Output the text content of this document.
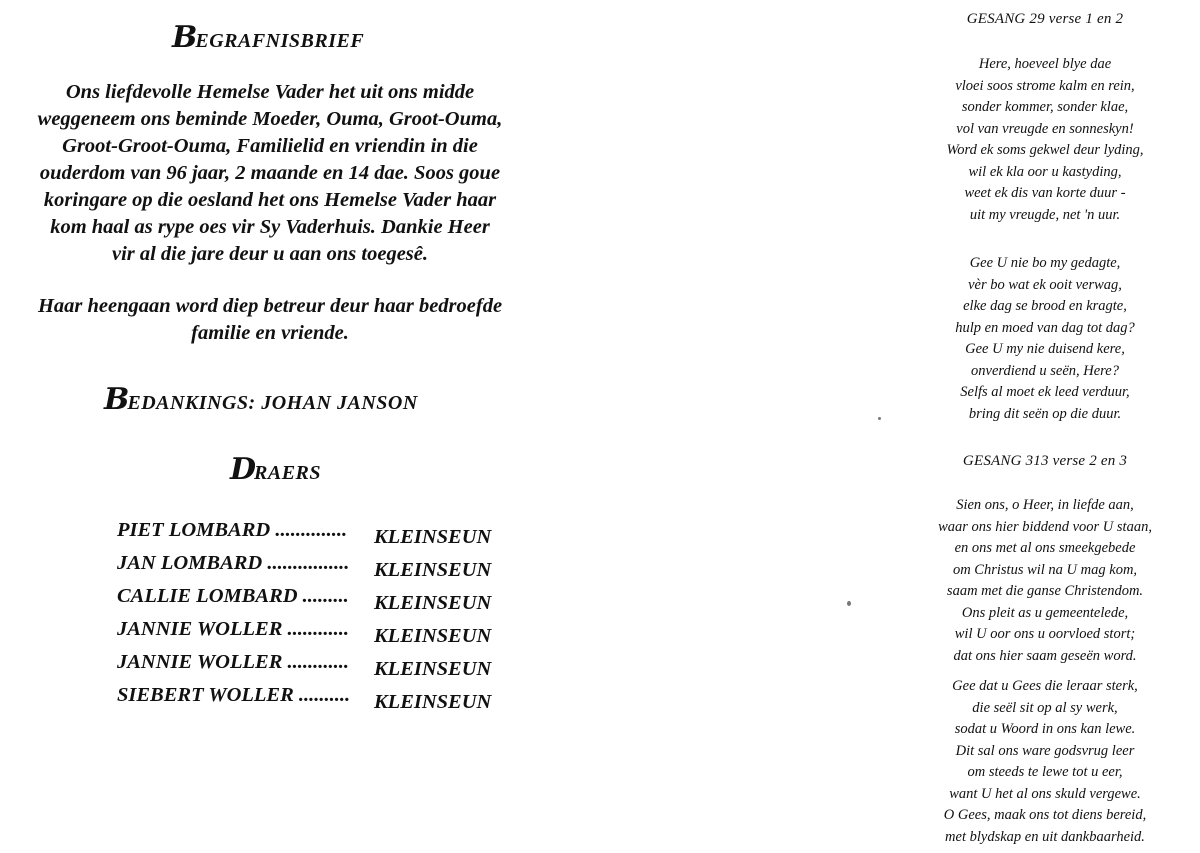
BEGRAFNISBRIEF
Ons liefdevolle Hemelse Vader het uit ons midde
weggeneem ons beminde Moeder, Ouma, Groot-Ouma,
Groot-Groot-Ouma, Familielid en vriendin in die
ouderdom van 96 jaar, 2 maande en 14 dae. Soos goue
koringare op die oesland het ons Hemelse Vader haar
kom haal as rype oes vir Sy Vaderhuis. Dankie Heer
vir al die jare deur u aan ons toegesê.
Haar heengaan word diep betreur deur haar bedroefde
familie en vriende.
BEDANKINGS: JOHAN JANSON
DRAERS
PIET LOMBARD .............. KLEINSEUN
JAN LOMBARD ................ KLEINSEUN
CALLIE LOMBARD ......... KLEINSEUN
JANNIE WOLLER ............ KLEINSEUN
JANNIE WOLLER ............ KLEINSEUN
SIEBERT WOLLER .......... KLEINSEUN
GESANG 29 verse 1 en 2
Here, hoeveel blye dae
vloei soos strome kalm en rein,
sonder kommer, sonder klae,
vol van vreugde en sonneskyn!
Word ek soms gekwel deur lyding,
wil ek kla oor u kastyding,
weet ek dis van korte duur -
uit my vreugde, net 'n uur.
Gee U nie bo my gedagte,
vèr bo wat ek ooit verwag,
elke dag se brood en kragte,
hulp en moed van dag tot dag?
Gee U my nie duisend kere,
onverdiend u seën, Here?
Selfs al moet ek leed verduur,
bring dit seën op die duur.
GESANG 313 verse 2 en 3
Sien ons, o Heer, in liefde aan,
waar ons hier biddend voor U staan,
en ons met al ons smeekgebede
om Christus wil na U mag kom,
saam met die ganse Christendom.
Ons pleit as u gemeentelede,
wil U oor ons u oorvloed stort;
dat ons hier saam geseën word.
Gee dat u Gees die leraar sterk,
die seël sit op al sy werk,
sodat u Woord in ons kan lewe.
Dit sal ons ware godsvrug leer
om steeds te lewe tot u eer,
want U het al ons skuld vergewe.
O Gees, maak ons tot diens bereid,
met blydskap en uit dankbaarheid.
